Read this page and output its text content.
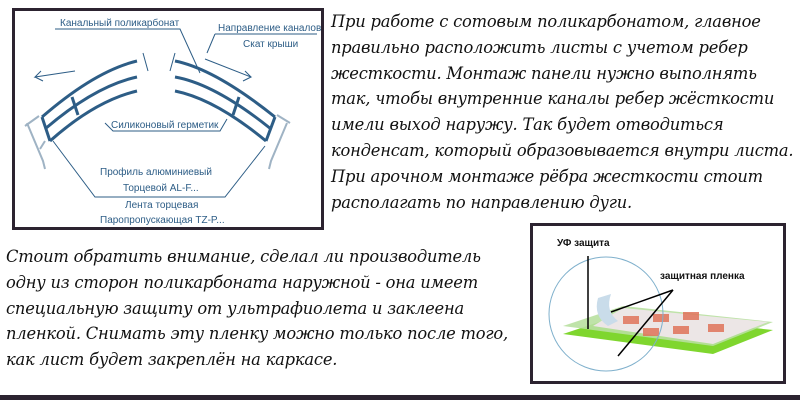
Канальный поликарбонат	Направление каналов
Скат крыши
Силиконовый герметик
Профиль алюминиевый
Торцевой AL-F...
Лента торцевая
Паропропускающая TZ-P...
При работе с сотовым поликарбонатом, главное правильно расположить листы с учетом ребер жесткости. Монтаж панели нужно выполнять так, чтобы внутренние каналы ребер жёсткости имели выход наружу. Так будет отводиться конденсат, который образовывается внутри листа. При арочном монтаже рёбра жесткости стоит располагать по направлению дуги.
Стоит обратить внимание, сделал ли производитель одну из сторон поликарбоната наружной - она имеет специальную защиту от ультрафиолета и заклеена пленкой. Снимать эту пленку можно только после того, как лист будет закреплён на каркасе.
УФ защита
защитная пленка
